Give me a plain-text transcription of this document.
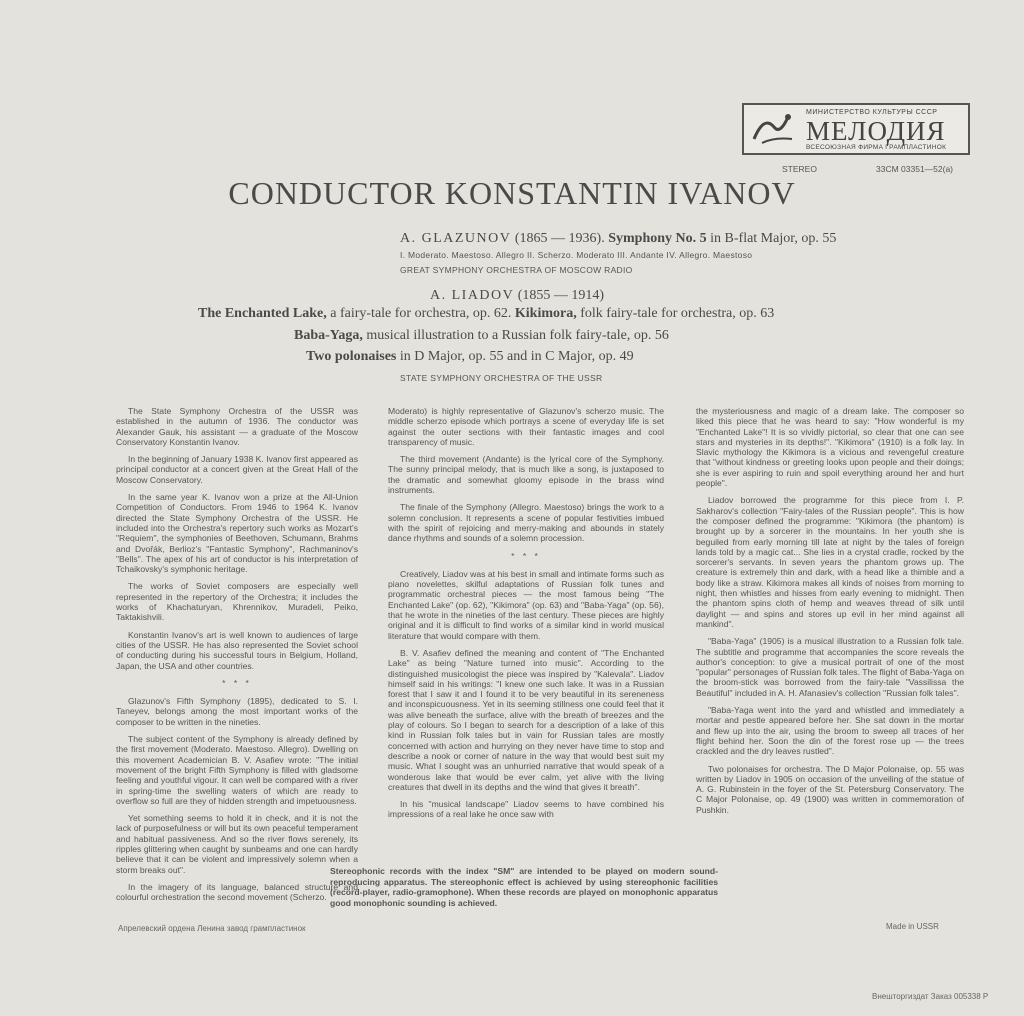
МИНИСТЕРСТВО КУЛЬТУРЫ СССР
МЕЛОДИЯ
ВСЕСОЮЗНАЯ ФИРМА ГРАМПЛАСТИНОК
STEREO	33CM 03351—52(a)
CONDUCTOR KONSTANTIN IVANOV
A. GLAZUNOV (1865 — 1936). Symphony No. 5 in B-flat Major, op. 55
I. Moderato. Maestoso. Allegro II. Scherzo. Moderato III. Andante IV. Allegro. Maestoso
GREAT SYMPHONY ORCHESTRA OF MOSCOW RADIO
A. LIADOV (1855 — 1914)
The Enchanted Lake, a fairy-tale for orchestra, op. 62. Kikimora, folk fairy-tale for orchestra, op. 63
Baba-Yaga, musical illustration to a Russian folk fairy-tale, op. 56
Two polonaises in D Major, op. 55 and in C Major, op. 49
STATE SYMPHONY ORCHESTRA OF THE USSR

The State Symphony Orchestra of the USSR was established in the autumn of 1936. The conductor was Alexander Gauk, his assistant — a graduate of the Moscow Conservatory Konstantin Ivanov.

In the beginning of January 1938 K. Ivanov first appeared as principal conductor at a concert given at the Great Hall of the Moscow Conservatory.

In the same year K. Ivanov won a prize at the All-Union Competition of Conductors. From 1946 to 1964 K. Ivanov directed the State Symphony Orchestra of the USSR. He included into the Orchestra's repertory such works as Mozart's "Requiem", the symphonies of Beethoven, Schumann, Brahms and Dvořák, Berlioz's "Fantastic Symphony", Rachmaninov's "Bells". The apex of his art of conductor is his interpretation of Tchaikovsky's symphonic heritage.

The works of Soviet composers are especially well represented in the repertory of the Orchestra; it includes the works of Khachaturyan, Khrennikov, Muradeli, Peiko, Taktakishvili.

Konstantin Ivanov's art is well known to audiences of large cities of the USSR. He has also represented the Soviet school of conducting during his successful tours in Belgium, Holland, Japan, the USA and other countries.

* * *

Glazunov's Fifth Symphony (1895), dedicated to S. I. Taneyev, belongs among the most important works of the composer to be written in the nineties.

The subject content of the Symphony is already defined by the first movement (Moderato. Maestoso. Allegro). Dwelling on this movement Academician B. V. Asafiev wrote: "The initial movement of the bright Fifth Symphony is filled with gladsome feeling and youthful vigour. It can well be compared with a river in spring-time the swelling waters of which are ready to overflow so full are they of hidden strength and impetuousness.

Yet something seems to hold it in check, and it is not the lack of purposefulness or will but its own peaceful temperament and habitual passiveness. And so the river flows serenely, its ripples glittering when caught by sunbeams and one can hardly believe that it can be violent and impressively solemn when a storm breaks out".

In the imagery of its language, balanced structure and colourful orchestration the second movement (Scherzo.

Moderato) is highly representative of Glazunov's scherzo music. The middle scherzo episode which portrays a scene of everyday life is set against the outer sections with their fantastic images and cool transparency of music.

The third movement (Andante) is the lyrical core of the Symphony. The sunny principal melody, that is much like a song, is juxtaposed to the dramatic and somewhat gloomy episode in the brass wind instruments.

The finale of the Symphony (Allegro. Maestoso) brings the work to a solemn conclusion. It represents a scene of popular festivities imbued with the spirit of rejoicing and merry-making and abounds in stately dance rhythms and sounds of a solemn procession.

* * *

Creatively, Liadov was at his best in small and intimate forms such as piano novelettes, skilful adaptations of Russian folk tunes and programmatic orchestral pieces — the most famous being "The Enchanted Lake" (op. 62), "Kikimora" (op. 63) and "Baba-Yaga" (op. 56), that he wrote in the nineties of the last century. These pieces are highly original and it is difficult to find works of a similar kind in world musical literature that would compare with them.

B. V. Asafiev defined the meaning and content of "The Enchanted Lake" as being "Nature turned into music". According to the distinguished musicologist the piece was inspired by "Kalevala". Liadov himself said in his writings: "I knew one such lake. It was in a Russian forest that I saw it and I found it to be very beautiful in its sereneness and inconspicuousness. Yet in its seeming stillness one could feel that it was alive beneath the surface, alive with the breath of breezes and the play of colours. So I began to search for a description of a lake of this kind in Russian folk tales but in vain for Russian tales are mostly concerned with action and hurrying on they never have time to stop and describe a nook or corner of nature in the way that would best suit my music. What I sought was an unhurried narrative that would speak of a wonderous lake that would be ever calm, yet alive with the living creatures that dwell in its depths and the wind that gives it breath".

In his "musical landscape" Liadov seems to have combined his impressions of a real lake he once saw with

the mysteriousness and magic of a dream lake. The composer so liked this piece that he was heard to say: "How wonderful is my "Enchanted Lake"! It is so vividly pictorial, so clear that one can see stars and mysteries in its depths!". "Kikimora" (1910) is a folk lay. In Slavic mythology the Kikimora is a vicious and revengeful creature that "without kindness or greeting looks upon people and their doings; she is ever aspiring to ruin and spoil everything around her and hurt people".

Liadov borrowed the programme for this piece from I. P. Sakharov's collection "Fairy-tales of the Russian people". This is how the composer defined the programme: "Kikimora (the phantom) is brought up by a sorcerer in the mountains. In her youth she is beguiled from early morning till late at night by the tales of foreign lands told by a magic cat... She lies in a crystal cradle, rocked by the sorcerer's servants. In seven years the phantom grows up. The creature is extremely thin and dark, with a head like a thimble and a body like a straw. Kikimora makes all kinds of noises from morning to night, then whistles and hisses from early evening to midnight. Then the phantom spins cloth of hemp and weaves thread of silk until daylight — and spins and stores up evil in her mind against all mankind".

"Baba-Yaga" (1905) is a musical illustration to a Russian folk tale. The subtitle and programme that accompanies the score reveals the author's conception: to give a musical portrait of one of the most "popular" personages of Russian folk tales. The flight of Baba-Yaga on the broom-stick was borrowed from the fairy-tale "Vassilissa the Beautiful" included in A. H. Afanasiev's collection "Russian folk tales".

"Baba-Yaga went into the yard and whistled and immediately a mortar and pestle appeared before her. She sat down in the mortar and flew up into the air, using the broom to sweep all traces of her flight behind her. Soon the din of the forest rose up — the trees crackled and the dry leaves rustled".

Two polonaises for orchestra. The D Major Polonaise, op. 55 was written by Liadov in 1905 on occasion of the unveiling of the statue of A. G. Rubinstein in the foyer of the St. Petersburg Conservatory. The C Major Polonaise, op. 49 (1900) was written in commemoration of Pushkin.

Stereophonic records with the index "SM" are intended to be played on modern sound-reproducing apparatus. The stereophonic effect is achieved by using stereophonic facilities (record-player, radio-gramophone). When these records are played on monophonic apparatus good monophonic sounding is achieved.
Апрелевский ордена Ленина завод грампластинок	Made in USSR
Внешторгиздат Заказ 005338 Р
